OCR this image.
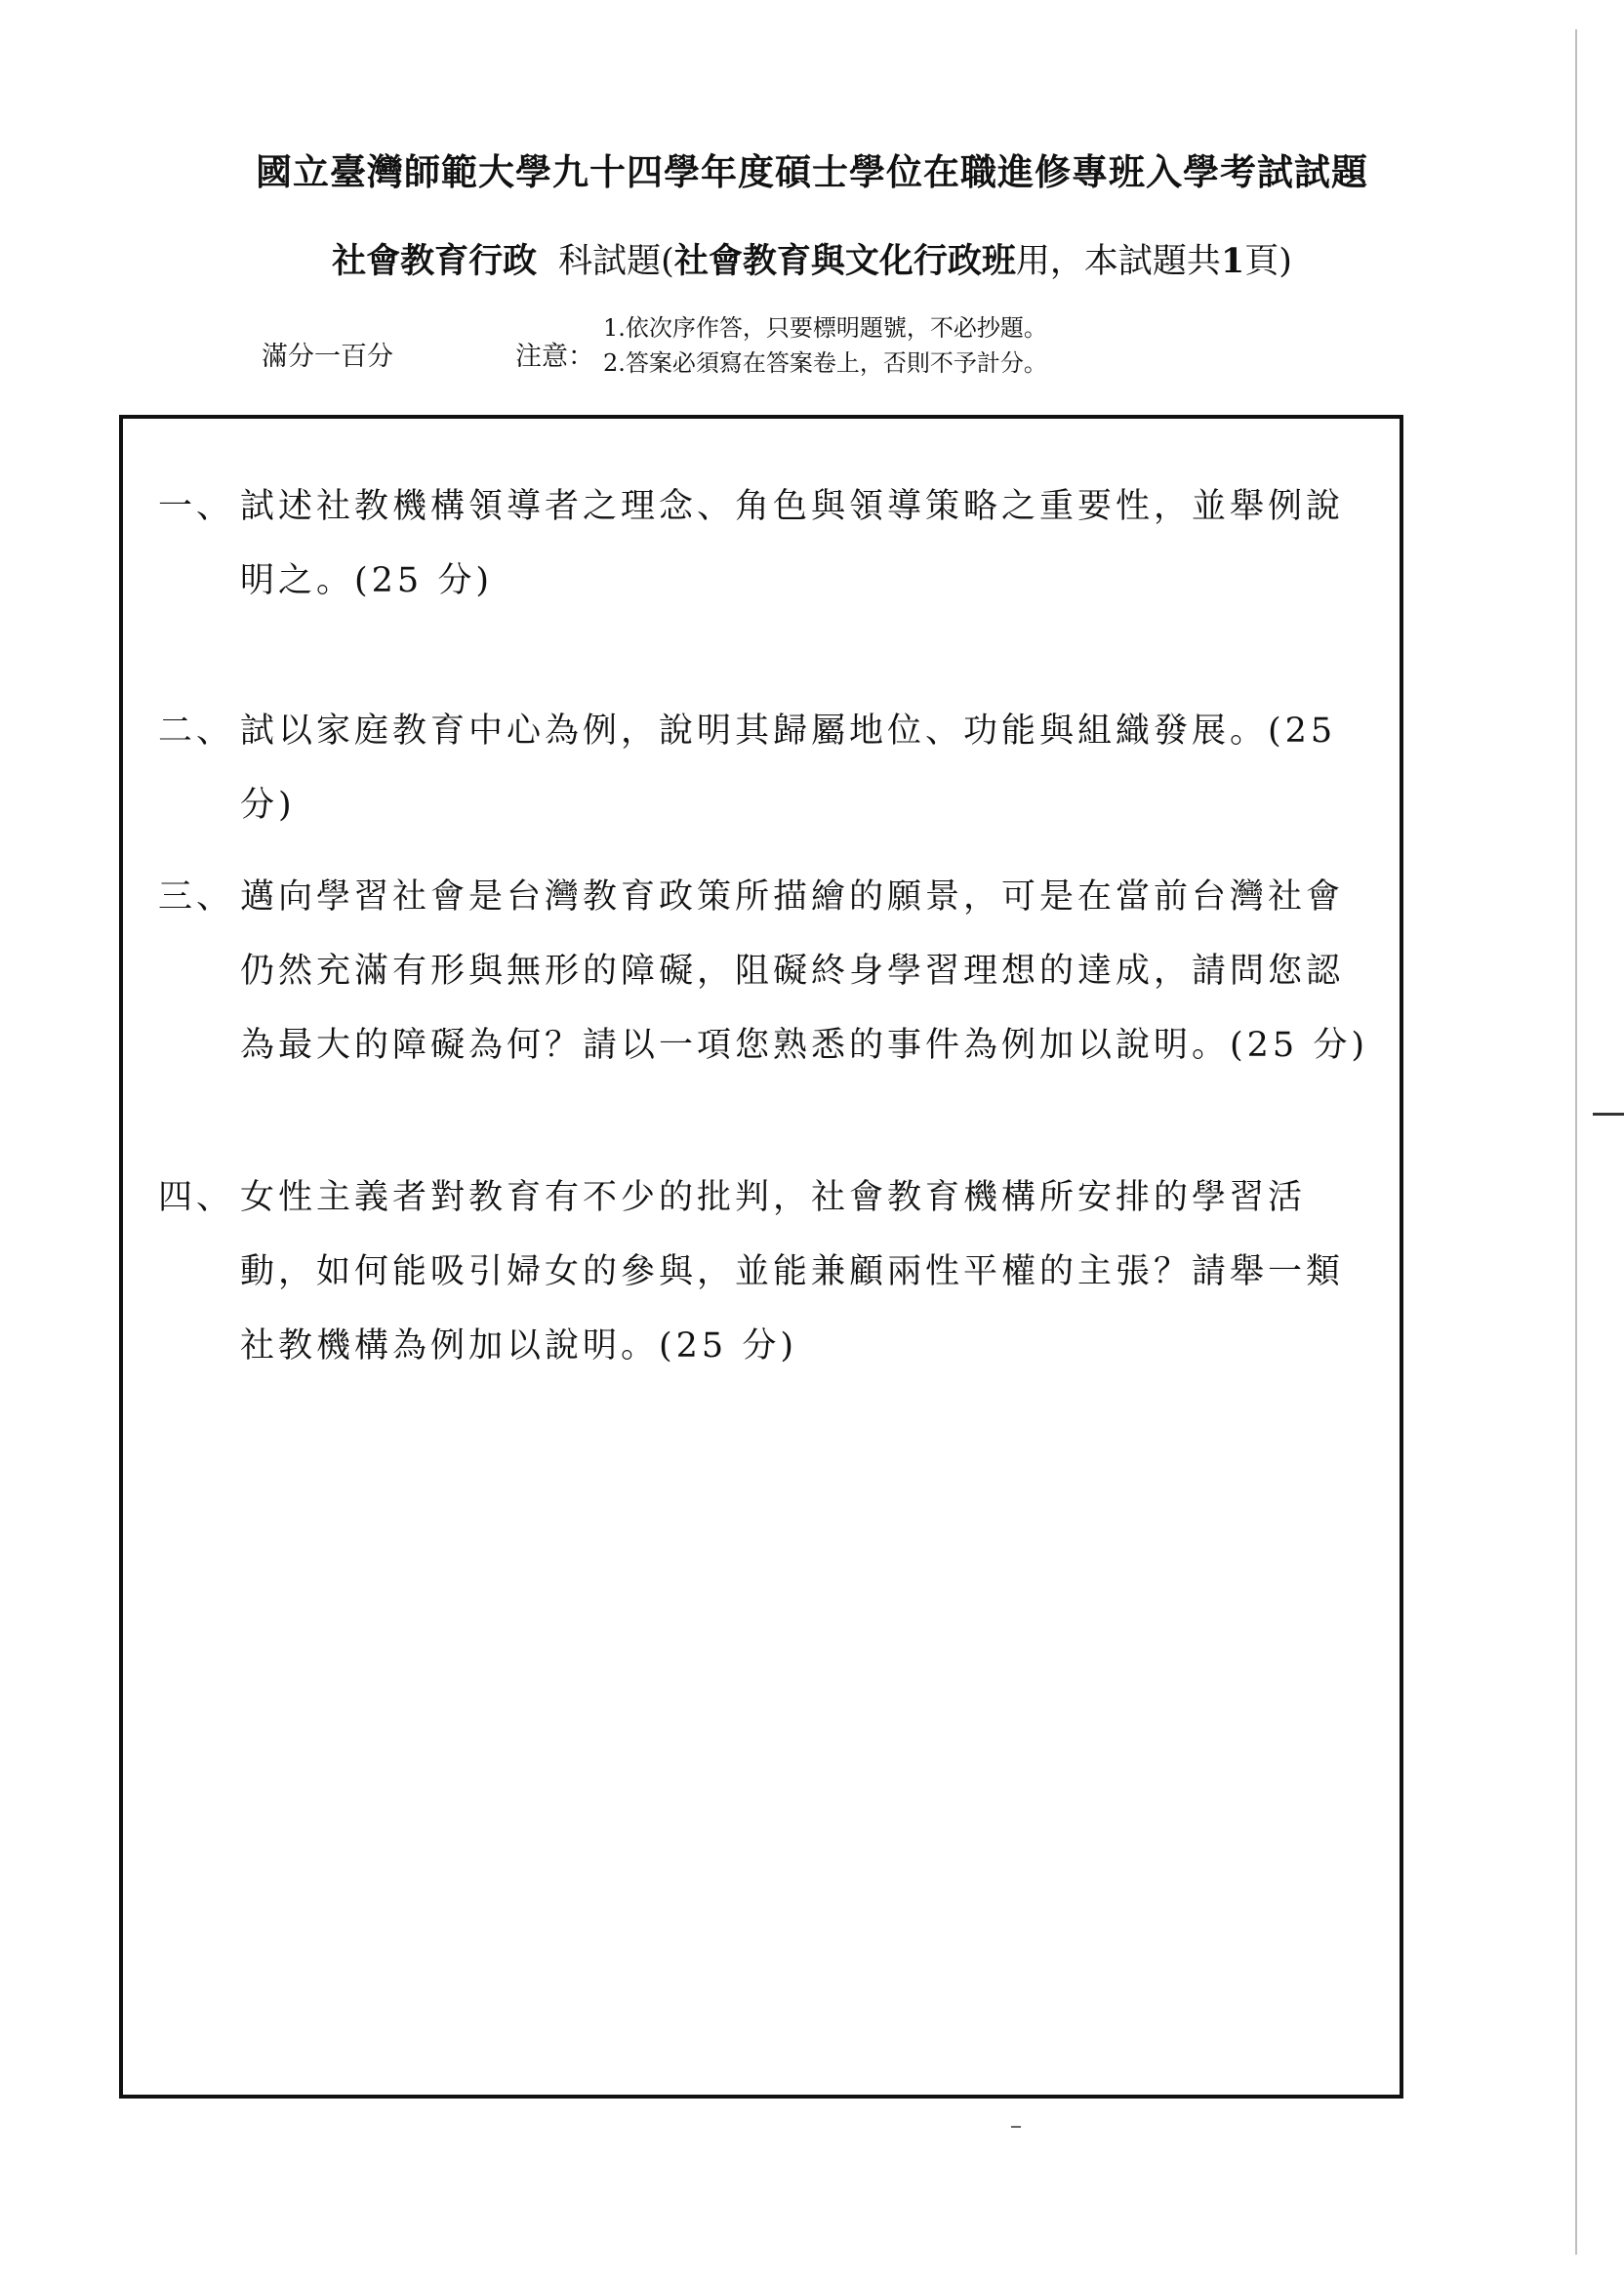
國立臺灣師範大學九十四學年度碩士學位在職進修專班入學考試試題
社會教育行政 科試題(社會教育與文化行政班用，本試題共1頁)
滿分一百分	注意：
1.依次序作答，只要標明題號，不必抄題。
2.答案必須寫在答案卷上，否則不予計分。
一、 試述社教機構領導者之理念、角色與領導策略之重要性，並舉例說明之。(25 分)
二、 試以家庭教育中心為例，說明其歸屬地位、功能與組織發展。(25 分)
三、 邁向學習社會是台灣教育政策所描繪的願景，可是在當前台灣社會仍然充滿有形與無形的障礙，阻礙終身學習理想的達成，請問您認為最大的障礙為何？請以一項您熟悉的事件為例加以說明。(25 分)
四、 女性主義者對教育有不少的批判，社會教育機構所安排的學習活動，如何能吸引婦女的參與，並能兼顧兩性平權的主張？請舉一類社教機構為例加以說明。(25 分)
